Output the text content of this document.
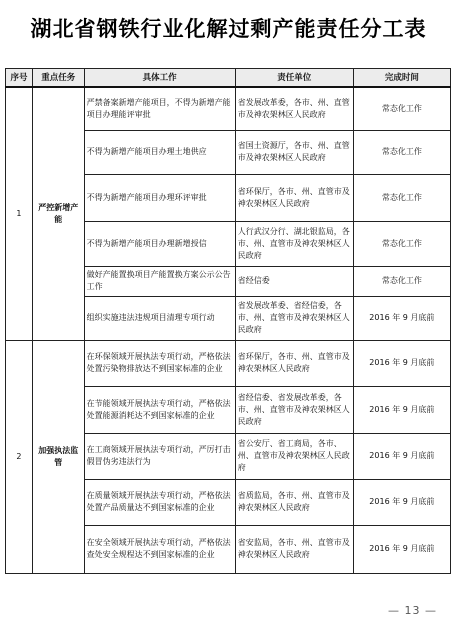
湖北省钢铁行业化解过剩产能责任分工表
序号	重点任务	具体工作	责任单位	完成时间
1	严控新增产能	严禁备案新增产能项目，不得为新增产能项目办理能评审批	省发展改革委，各市、州、直管市及神农架林区人民政府	常态化工作
		不得为新增产能项目办理土地供应	省国土资源厅，各市、州、直管市及神农架林区人民政府	常态化工作
		不得为新增产能项目办理环评审批	省环保厅，各市、州、直管市及神农架林区人民政府	常态化工作
		不得为新增产能项目办理新增授信	人行武汉分行、湖北银监局，各市、州、直管市及神农架林区人民政府	常态化工作
		做好产能置换项目产能置换方案公示公告工作	省经信委	常态化工作
		组织实施违法违规项目清理专项行动	省发展改革委、省经信委，各市、州、直管市及神农架林区人民政府	2016 年 9 月底前
2	加强执法监管	在环保领域开展执法专项行动，严格依法处置污染物排放达不到国家标准的企业	省环保厅，各市、州、直管市及神农架林区人民政府	2016 年 9 月底前
		在节能领域开展执法专项行动，严格依法处置能源消耗达不到国家标准的企业	省经信委、省发展改革委，各市、州、直管市及神农架林区人民政府	2016 年 9 月底前
		在工商领域开展执法专项行动，严厉打击假冒伪劣违法行为	省公安厅、省工商局，各市、州、直管市及神农架林区人民政府	2016 年 9 月底前
		在质量领域开展执法专项行动，严格依法处置产品质量达不到国家标准的企业	省质监局，各市、州、直管市及神农架林区人民政府	2016 年 9 月底前
		在安全领域开展执法专项行动，严格依法查处安全规程达不到国家标准的企业	省安监局，各市、州、直管市及神农架林区人民政府	2016 年 9 月底前
— 13 —
